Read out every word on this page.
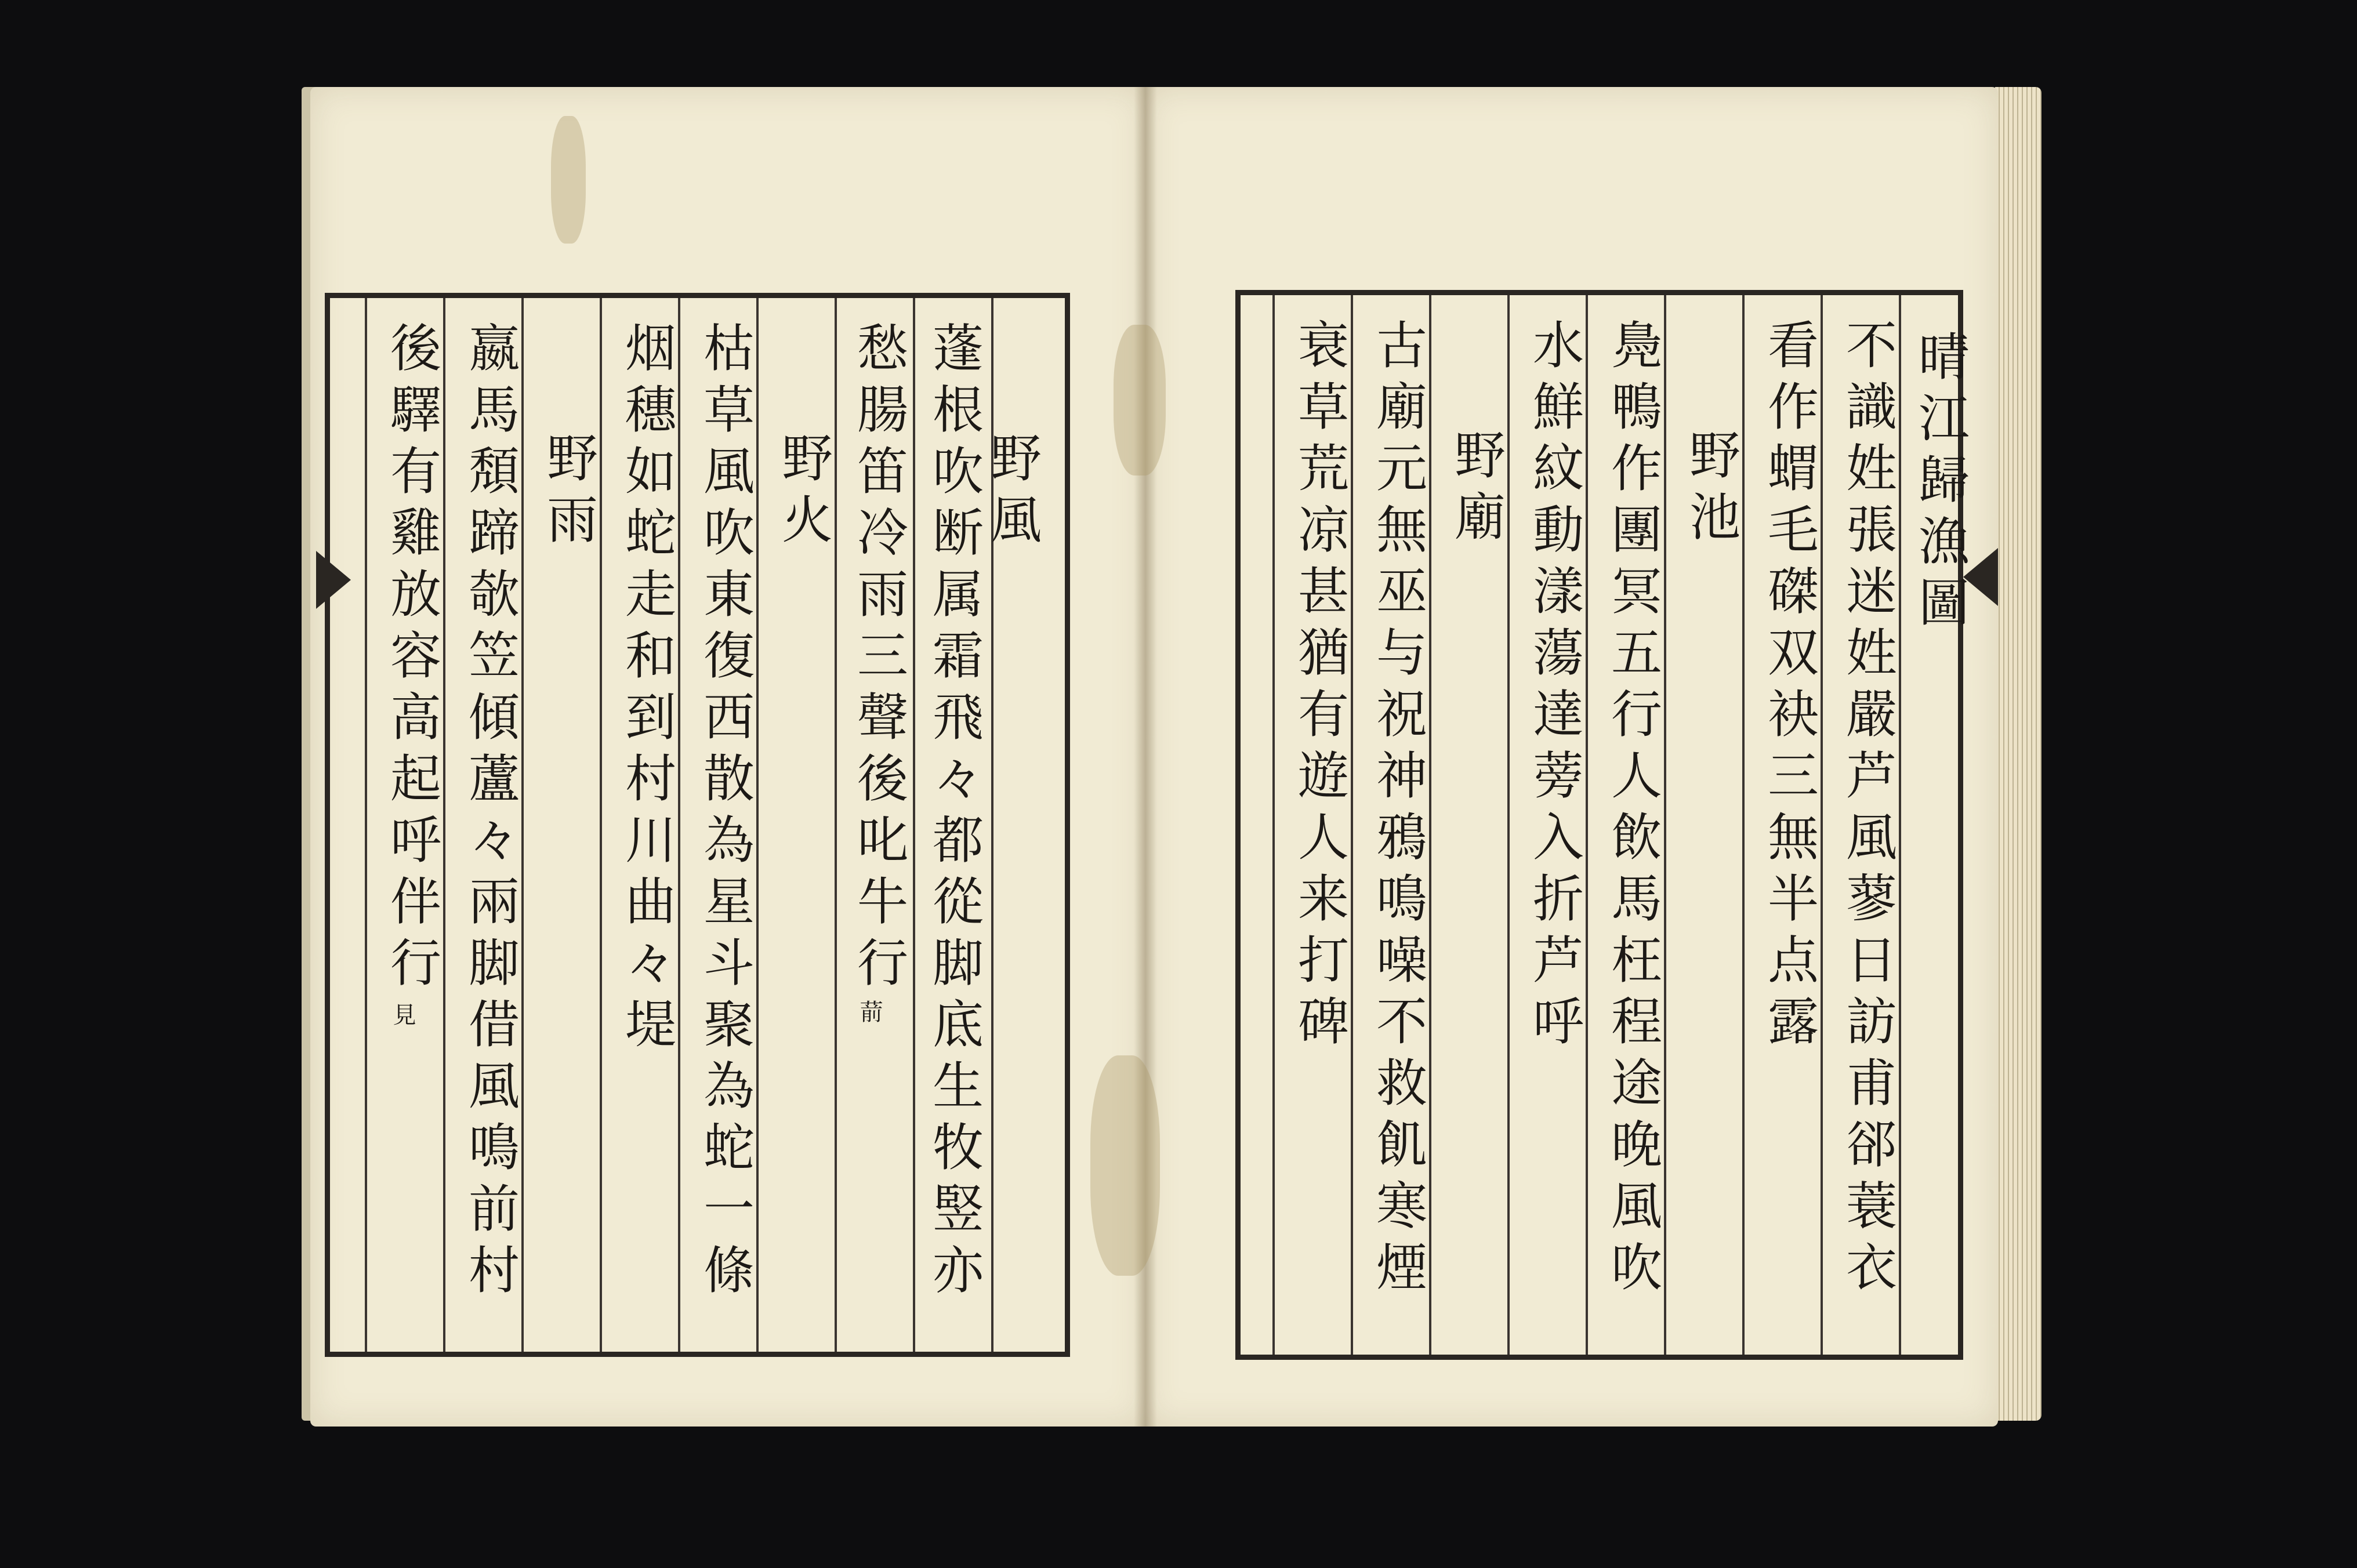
蓬根吹断属霜飛々都從脚底生牧竪亦
野風
愁腸笛冷雨三聲後叱牛行
野火
枯草風吹東復西散為星斗聚為蛇一條
烟穗如蛇走和到村川曲々堤
野雨
嬴馬頽蹄欹笠傾蘆々兩脚借風鳴前村
後驛有雞放容高起呼伴行
葥
見
晴江歸漁圖
不識姓張迷姓嚴芦風蓼日訪甫郤蓑衣
看作蝟毛磔双袂三無半点露
野池
鳧鴨作團冥五行人飲馬枉程途晚風吹
水鮮紋動漾蕩達蒡入折芦呼
野廟
古廟元無巫与祝神鴉鳴噪不救飢寒煙
衰草荒凉甚猶有遊人来打碑
